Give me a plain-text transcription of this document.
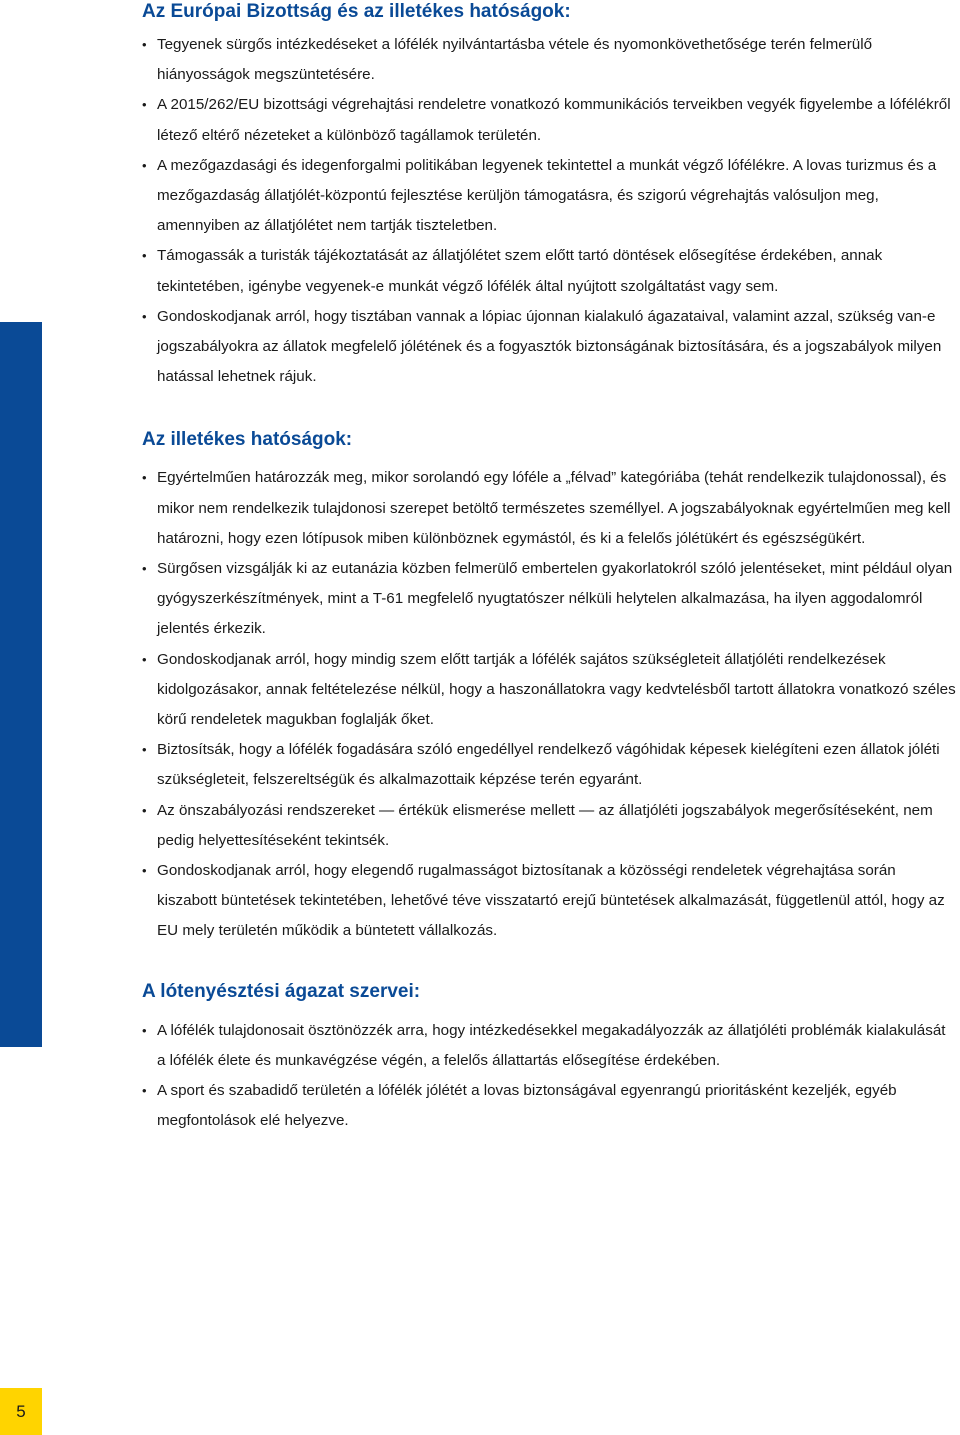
5
Az Európai Bizottság és az illetékes hatóságok:
• Tegyenek sürgős intézkedéseket a lófélék nyilvántartásba vétele és nyomonkövethetősége terén felmerülő hiányosságok megszüntetésére.
• A 2015/262/EU bizottsági végrehajtási rendeletre vonatkozó kommunikációs terveikben vegyék figyelembe a lófélékről létező eltérő nézeteket a különböző tagállamok területén.
• A mezőgazdasági és idegenforgalmi politikában legyenek tekintettel a munkát végző lófélékre. A lovas turizmus és a mezőgazdaság állatjólét-központú fejlesztése kerüljön támogatásra, és szigorú végrehajtás valósuljon meg, amennyiben az állatjólétet nem tartják tiszteletben.
• Támogassák a turisták tájékoztatását az állatjólétet szem előtt tartó döntések elősegítése érdekében, annak tekintetében, igénybe vegyenek-e munkát végző lófélék által nyújtott szolgáltatást vagy sem.
• Gondoskodjanak arról, hogy tisztában vannak a lópiac újonnan kialakuló ágazataival, valamint azzal, szükség van-e jogszabályokra az állatok megfelelő jólétének és a fogyasztók biztonságának biztosítására, és a jogszabályok milyen hatással lehetnek rájuk.
Az illetékes hatóságok:
• Egyértelműen határozzák meg, mikor sorolandó egy lóféle a „félvad” kategóriába (tehát rendelkezik tulajdonossal), és mikor nem rendelkezik tulajdonosi szerepet betöltő természetes személlyel. A jogszabályoknak egyértelműen meg kell határozni, hogy ezen lótípusok miben különböznek egymástól, és ki a felelős jólétükért és egészségükért.
• Sürgősen vizsgálják ki az eutanázia közben felmerülő embertelen gyakorlatokról szóló jelentéseket, mint például olyan gyógyszerkészítmények, mint a T-61 megfelelő nyugtatószer nélküli helytelen alkalmazása, ha ilyen aggodalomról jelentés érkezik.
• Gondoskodjanak arról, hogy mindig szem előtt tartják a lófélék sajátos szükségleteit állatjóléti rendelkezések kidolgozásakor, annak feltételezése nélkül, hogy a haszonállatokra vagy kedvtelésből tartott állatokra vonatkozó széles körű rendeletek magukban foglalják őket.
• Biztosítsák, hogy a lófélék fogadására szóló engedéllyel rendelkező vágóhidak képesek kielégíteni ezen állatok jóléti szükségleteit, felszereltségük és alkalmazottaik képzése terén egyaránt.
• Az önszabályozási rendszereket — értékük elismerése mellett — az állatjóléti jogszabályok megerősítéseként, nem pedig helyettesítéseként tekintsék.
• Gondoskodjanak arról, hogy elegendő rugalmasságot biztosítanak a közösségi rendeletek végrehajtása során kiszabott büntetések tekintetében, lehetővé téve visszatartó erejű büntetések alkalmazását, függetlenül attól, hogy az EU mely területén működik a büntetett vállalkozás.
A lótenyésztési ágazat szervei:
• A lófélék tulajdonosait ösztönözzék arra, hogy intézkedésekkel megakadályozzák az állatjóléti problémák kialakulását a lófélék élete és munkavégzése végén, a felelős állattartás elősegítése érdekében.
• A sport és szabadidő területén a lófélék jólétét a lovas biztonságával egyenrangú prioritásként kezeljék, egyéb megfontolások elé helyezve.
